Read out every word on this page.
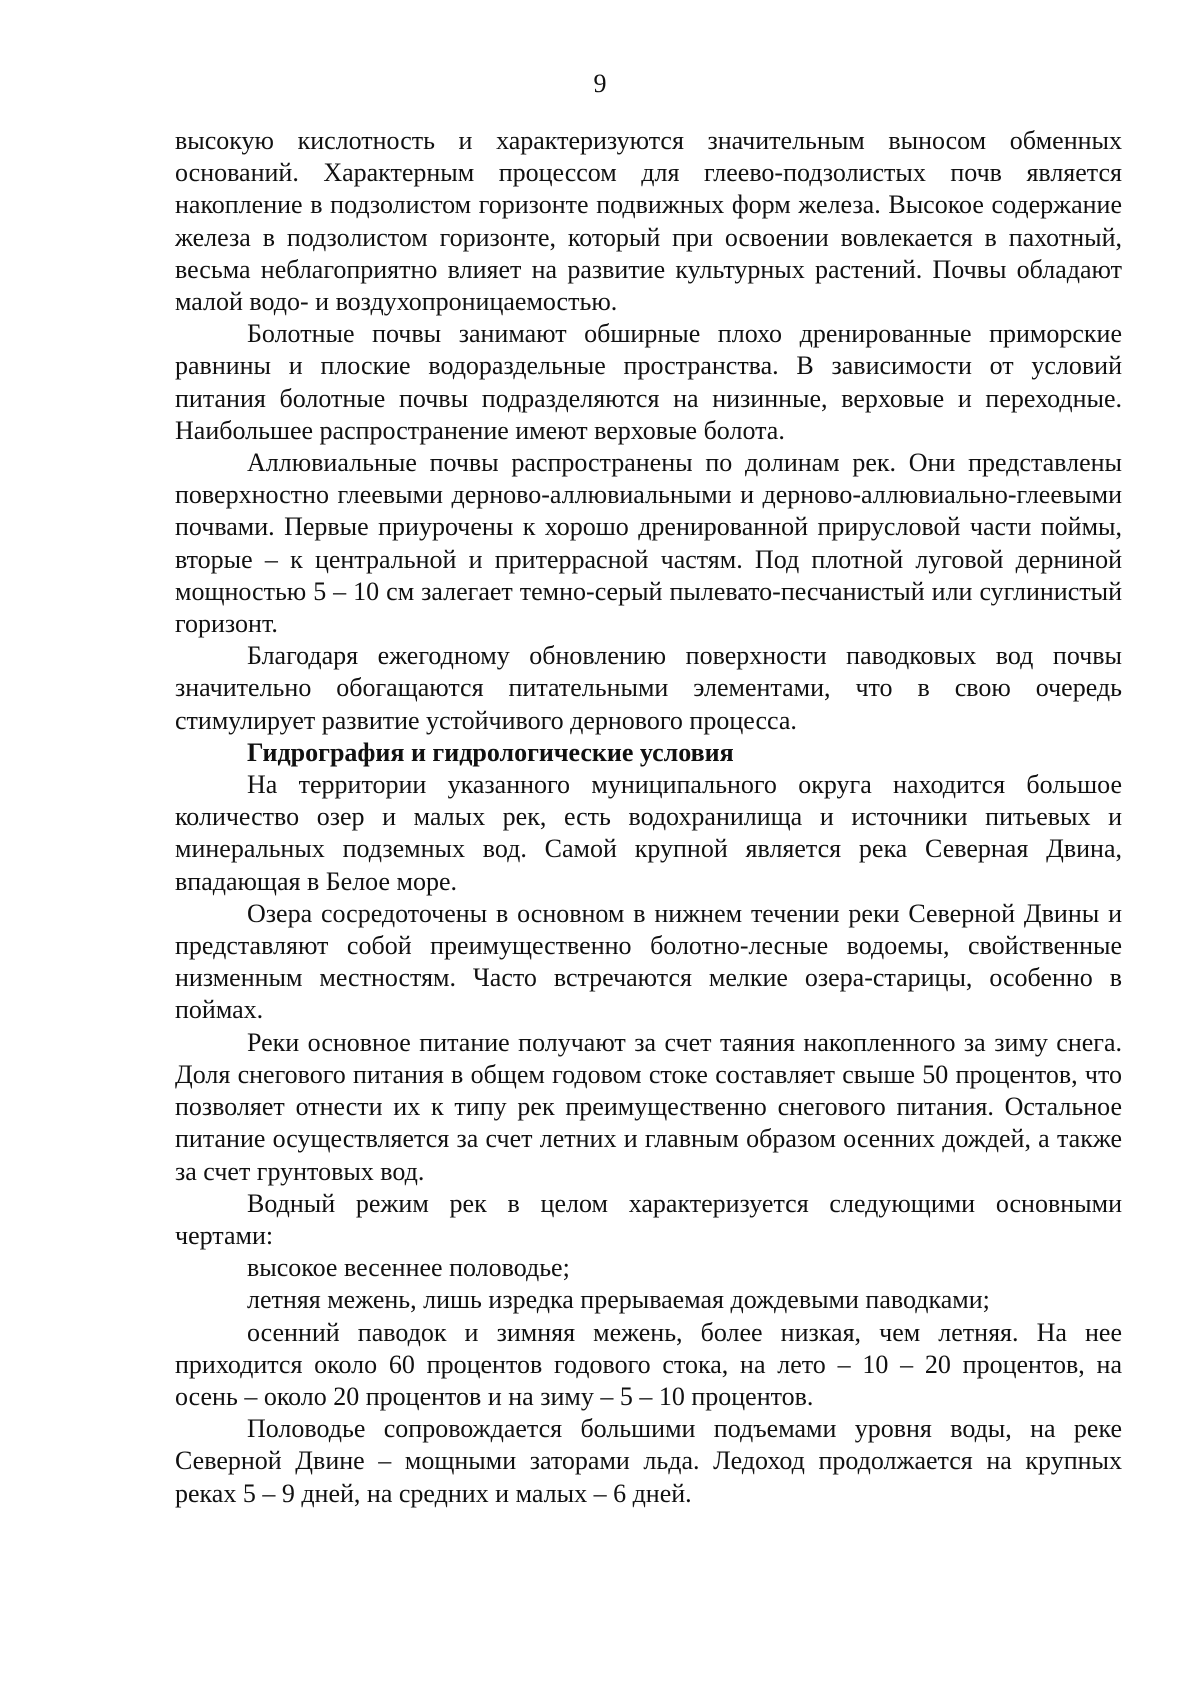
9

высокую кислотность и характеризуются значительным выносом обменных оснований. Характерным процессом для глеево-подзолистых почв является накопление в подзолистом горизонте подвижных форм железа. Высокое содержание железа в подзолистом горизонте, который при освоении вовлекается в пахотный, весьма неблагоприятно влияет на развитие культурных растений. Почвы обладают малой водо- и воздухопроницаемостью.

Болотные почвы занимают обширные плохо дренированные приморские равнины и плоские водораздельные пространства. В зависимости от условий питания болотные почвы подразделяются на низинные, верховые и переходные. Наибольшее распространение имеют верховые болота.

Аллювиальные почвы распространены по долинам рек. Они представлены поверхностно глеевыми дерново-аллювиальными и дерново-аллювиально-глеевыми почвами. Первые приурочены к хорошо дренированной прирусловой части поймы, вторые – к центральной и притеррасной частям. Под плотной луговой дерниной мощностью 5 – 10 см залегает темно-серый пылевато-песчанистый или суглинистый горизонт.

Благодаря ежегодному обновлению поверхности паводковых вод почвы значительно обогащаются питательными элементами, что в свою очередь стимулирует развитие устойчивого дернового процесса.

Гидрография и гидрологические условия

На территории указанного муниципального округа находится большое количество озер и малых рек, есть водохранилища и источники питьевых и минеральных подземных вод. Самой крупной является река Северная Двина, впадающая в Белое море.

Озера сосредоточены в основном в нижнем течении реки Северной Двины и представляют собой преимущественно болотно-лесные водоемы, свойственные низменным местностям. Часто встречаются мелкие озера-старицы, особенно в поймах.

Реки основное питание получают за счет таяния накопленного за зиму снега. Доля снегового питания в общем годовом стоке составляет свыше 50 процентов, что позволяет отнести их к типу рек преимущественно снегового питания. Остальное питание осуществляется за счет летних и главным образом осенних дождей, а также за счет грунтовых вод.

Водный режим рек в целом характеризуется следующими основными чертами:

высокое весеннее половодье;

летняя межень, лишь изредка прерываемая дождевыми паводками;

осенний паводок и зимняя межень, более низкая, чем летняя. На нее приходится около 60 процентов годового стока, на лето – 10 – 20 процентов, на осень – около 20 процентов и на зиму – 5 – 10 процентов.

Половодье сопровождается большими подъемами уровня воды, на реке Северной Двине – мощными заторами льда. Ледоход продолжается на крупных реках 5 – 9 дней, на средних и малых – 6 дней.
